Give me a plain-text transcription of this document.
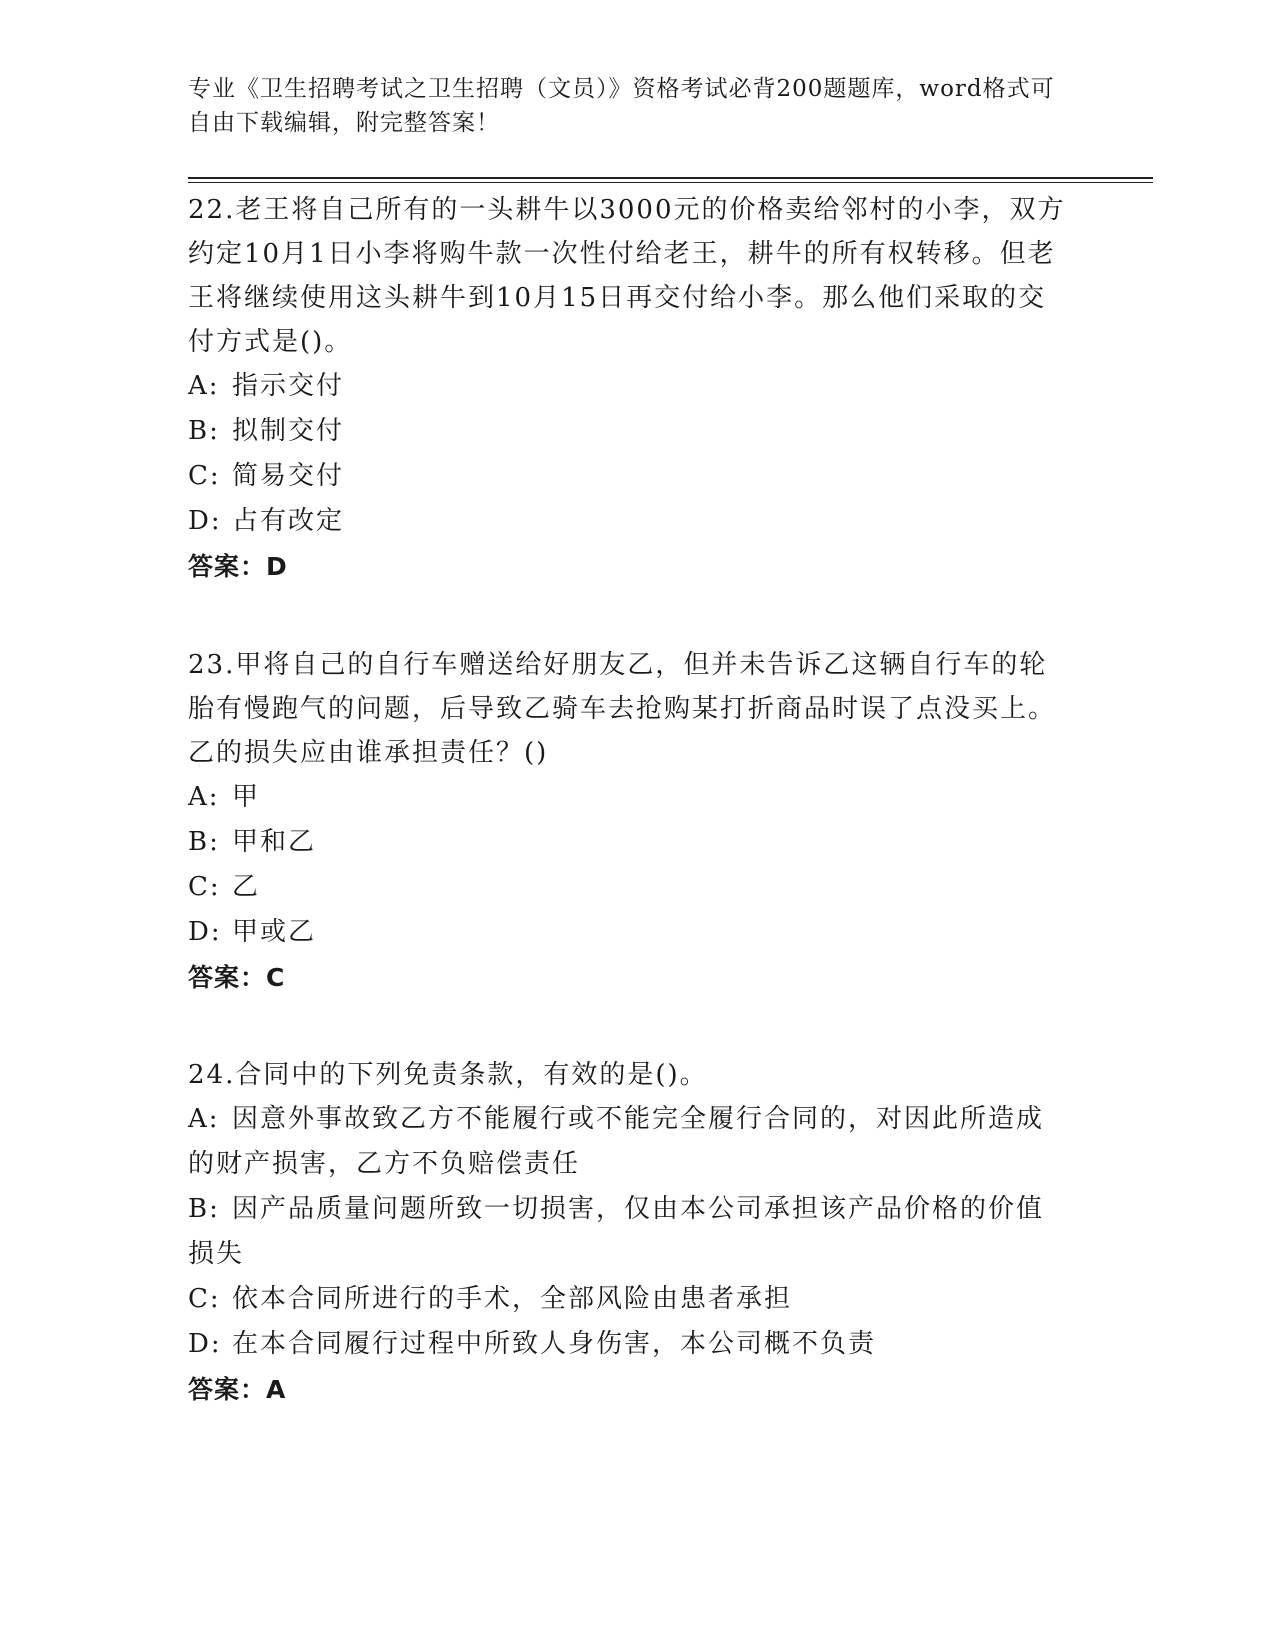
专业《卫生招聘考试之卫生招聘（文员）》资格考试必背200题题库，word格式可自由下载编辑，附完整答案！

22.老王将自己所有的一头耕牛以3000元的价格卖给邻村的小李，双方约定10月1日小李将购牛款一次性付给老王，耕牛的所有权转移。但老王将继续使用这头耕牛到10月15日再交付给小李。那么他们采取的交付方式是()。

A: 指示交付

B: 拟制交付

C: 简易交付

D: 占有改定

答案：D

23.甲将自己的自行车赠送给好朋友乙，但并未告诉乙这辆自行车的轮胎有慢跑气的问题，后导致乙骑车去抢购某打折商品时误了点没买上。乙的损失应由谁承担责任？()

A: 甲

B: 甲和乙

C: 乙

D: 甲或乙

答案：C

24.合同中的下列免责条款，有效的是()。

A: 因意外事故致乙方不能履行或不能完全履行合同的，对因此所造成的财产损害，乙方不负赔偿责任

B: 因产品质量问题所致一切损害，仅由本公司承担该产品价格的价值损失

C: 依本合同所进行的手术，全部风险由患者承担

D: 在本合同履行过程中所致人身伤害，本公司概不负责

答案：A
